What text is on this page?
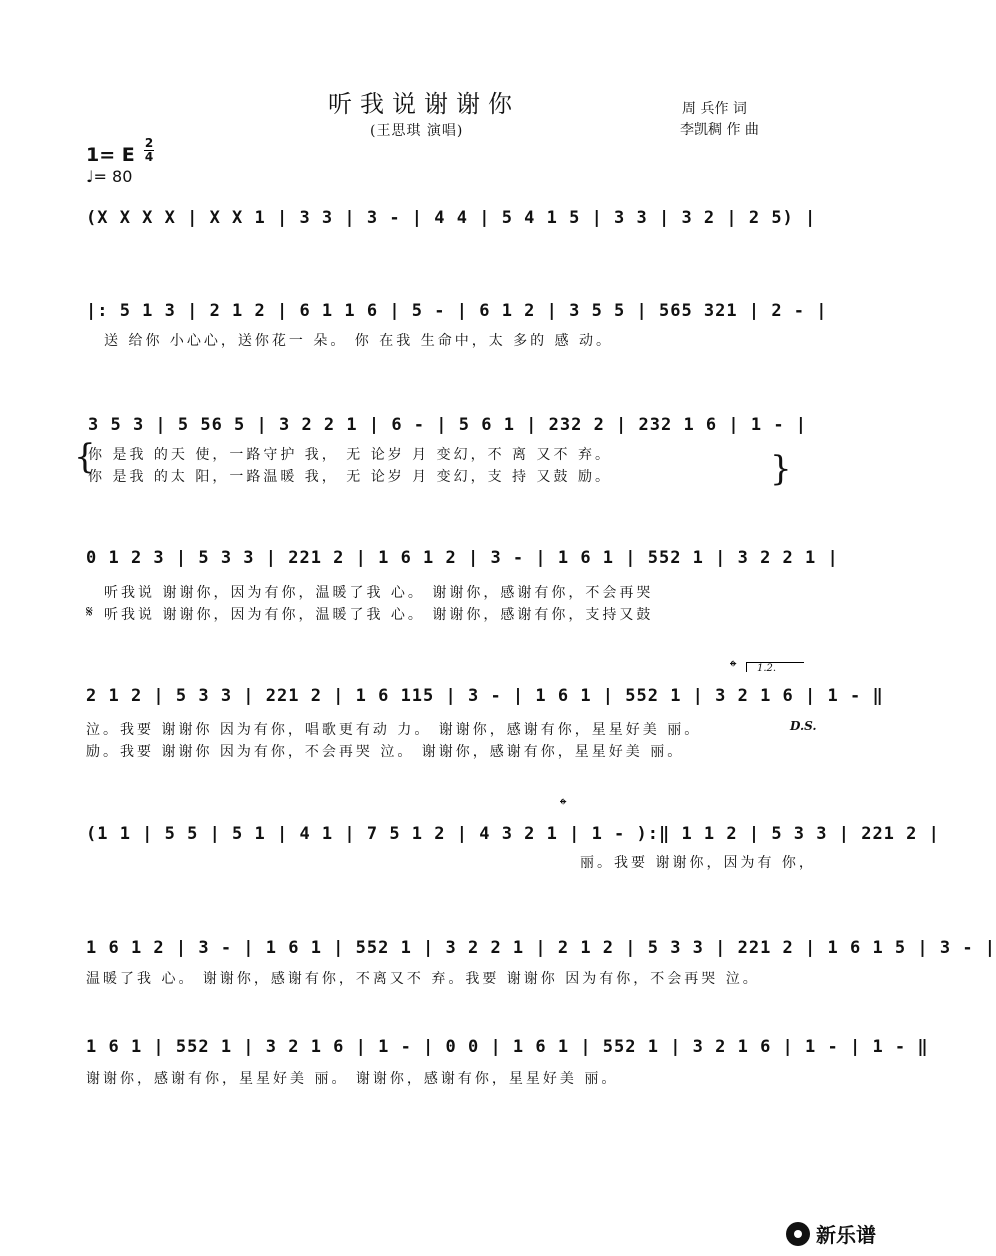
听我说谢谢你
(王思琪 演唱)
周 兵作 词
李凯稠 作 曲
1= E
2
4
♩= 80
(X X X X | X X 1 | 3 3 | 3 - | 4 4 | 5 4 1 5 | 3 3 | 3 2 | 2 5) |
|: 5 1 3 | 2 1 2 | 6 1 1 6 | 5 - | 6 1 2 | 3 5 5 | 565 321 | 2 - |
送 给你 小心心，送你花一 朵。 你 在我 生命中，太 多的 感 动。
3 5 3 | 5 56 5 | 3 2 2 1 | 6 - | 5 6 1 | 232 2 | 232 1 6 | 1 - |
{
你 是我 的天 使，一路守护 我， 无 论岁 月 变幻，不 离 又不 弃。
你 是我 的太 阳，一路温暖 我， 无 论岁 月 变幻，支 持 又鼓 励。	}
0 1 2 3 | 5 3 3 | 221 2 | 1 6 1 2 | 3 - | 1 6 1 | 552 1 | 3 2 2 1 |
听我说 谢谢你，因为有你，温暖了我 心。 谢谢你，感谢有你，不会再哭
𝄋 听我说 谢谢你，因为有你，温暖了我 心。 谢谢你，感谢有你，支持又鼓
𝄌	1.2.
2 1 2 | 5 3 3 | 221 2 | 1 6 115 | 3 - | 1 6 1 | 552 1 | 3 2 1 6 | 1 - ‖
泣。我要 谢谢你 因为有你，唱歌更有动 力。 谢谢你，感谢有你，星星好美 丽。	D.S.
励。我要 谢谢你 因为有你，不会再哭 泣。 谢谢你，感谢有你，星星好美 丽。
𝄌
(1 1 | 5 5 | 5 1 | 4 1 | 7 5 1 2 | 4 3 2 1 | 1 - ):‖ 1 1 2 | 5 3 3 | 221 2 |
丽。我要 谢谢你，因为有 你，
1 6 1 2 | 3 - | 1 6 1 | 552 1 | 3 2 2 1 | 2 1 2 | 5 3 3 | 221 2 | 1 6 1 5 | 3 - |
温暖了我 心。 谢谢你，感谢有你，不离又不 弃。我要 谢谢你 因为有你，不会再哭 泣。
1 6 1 | 552 1 | 3 2 1 6 | 1 - | 0 0 | 1 6 1 | 552 1 | 3 2 1 6 | 1 - | 1 - ‖
谢谢你，感谢有你，星星好美 丽。 谢谢你，感谢有你，星星好美 丽。
新乐谱
